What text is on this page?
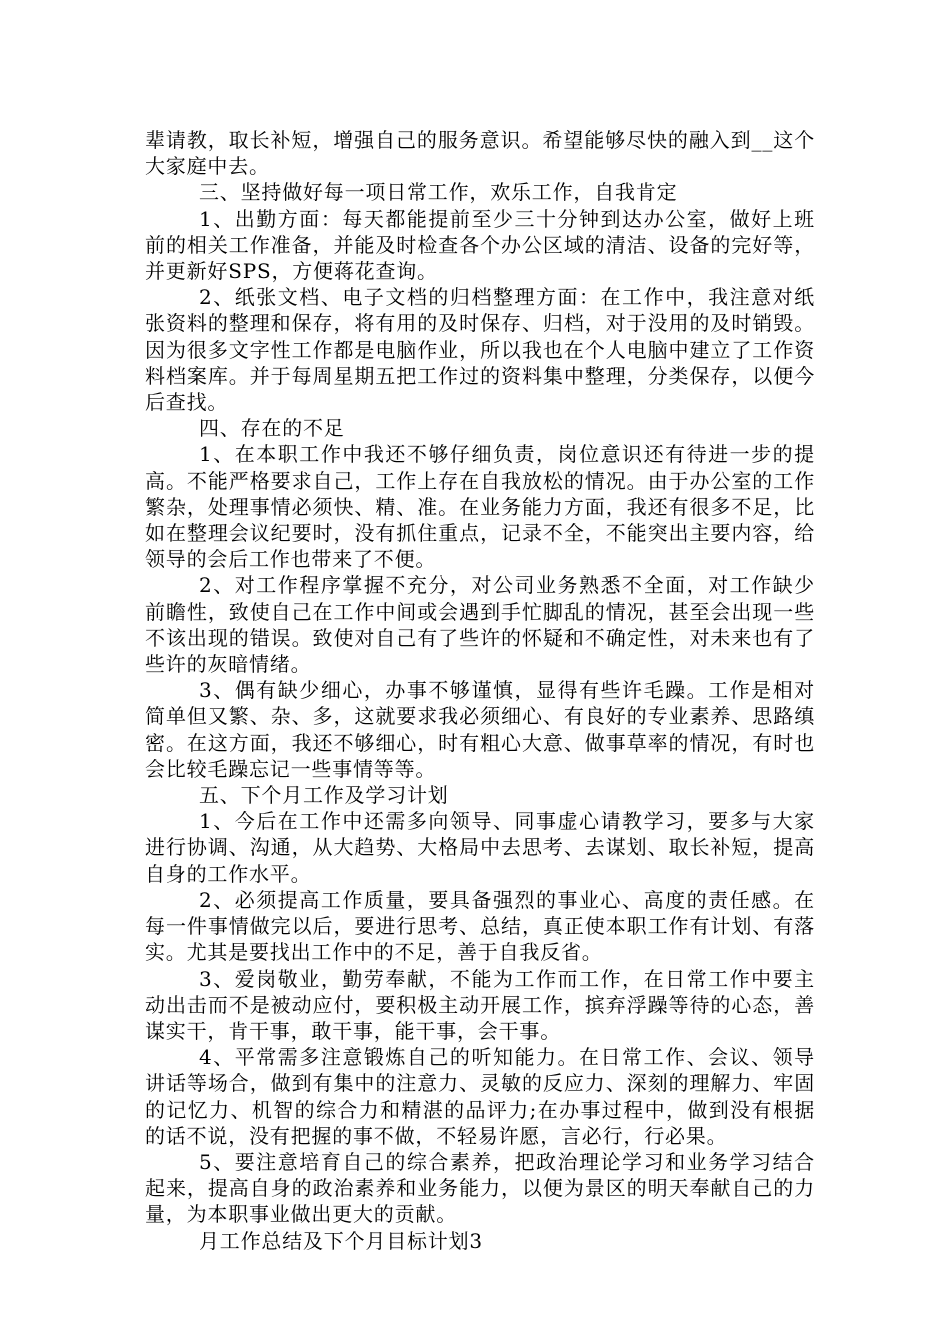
辈请教，取长补短，增强自己的服务意识。希望能够尽快的融入到__这个大家庭中去。

三、坚持做好每一项日常工作，欢乐工作，自我肯定

1、出勤方面：每天都能提前至少三十分钟到达办公室，做好上班前的相关工作准备，并能及时检查各个办公区域的清洁、设备的完好等，并更新好SPS，方便蒋花查询。

2、纸张文档、电子文档的归档整理方面：在工作中，我注意对纸张资料的整理和保存，将有用的及时保存、归档，对于没用的及时销毁。因为很多文字性工作都是电脑作业，所以我也在个人电脑中建立了工作资料档案库。并于每周星期五把工作过的资料集中整理，分类保存，以便今后查找。

四、存在的不足

1、在本职工作中我还不够仔细负责，岗位意识还有待进一步的提高。不能严格要求自己，工作上存在自我放松的情况。由于办公室的工作繁杂，处理事情必须快、精、准。在业务能力方面，我还有很多不足，比如在整理会议纪要时，没有抓住重点，记录不全，不能突出主要内容，给领导的会后工作也带来了不便。

2、对工作程序掌握不充分，对公司业务熟悉不全面，对工作缺少前瞻性，致使自己在工作中间或会遇到手忙脚乱的情况，甚至会出现一些不该出现的错误。致使对自己有了些许的怀疑和不确定性，对未来也有了些许的灰暗情绪。

3、偶有缺少细心，办事不够谨慎，显得有些许毛躁。工作是相对简单但又繁、杂、多，这就要求我必须细心、有良好的专业素养、思路缜密。在这方面，我还不够细心，时有粗心大意、做事草率的情况，有时也会比较毛躁忘记一些事情等等。

五、下个月工作及学习计划

1、今后在工作中还需多向领导、同事虚心请教学习，要多与大家进行协调、沟通，从大趋势、大格局中去思考、去谋划、取长补短，提高自身的工作水平。

2、必须提高工作质量，要具备强烈的事业心、高度的责任感。在每一件事情做完以后，要进行思考、总结，真正使本职工作有计划、有落实。尤其是要找出工作中的不足，善于自我反省。

3、爱岗敬业，勤劳奉献，不能为工作而工作，在日常工作中要主动出击而不是被动应付，要积极主动开展工作，摈弃浮躁等待的心态，善谋实干，肯干事，敢干事，能干事，会干事。

4、平常需多注意锻炼自己的听知能力。在日常工作、会议、领导讲话等场合，做到有集中的注意力、灵敏的反应力、深刻的理解力、牢固的记忆力、机智的综合力和精湛的品评力;在办事过程中，做到没有根据的话不说，没有把握的事不做，不轻易许愿，言必行，行必果。

5、要注意培育自己的综合素养，把政治理论学习和业务学习结合起来，提高自身的政治素养和业务能力，以便为景区的明天奉献自己的力量，为本职事业做出更大的贡献。

月工作总结及下个月目标计划3
